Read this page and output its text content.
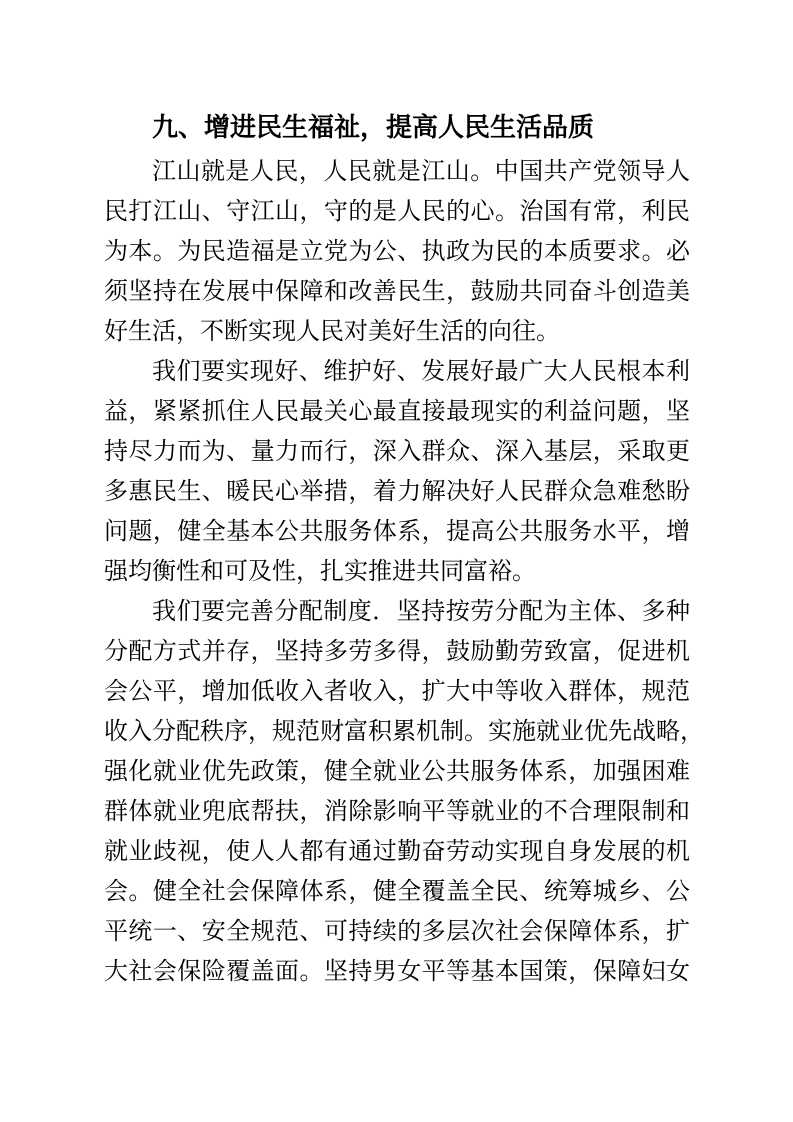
九、增进民生福祉，提高人民生活品质
江山就是人民，人民就是江山。中国共产党领导人
民打江山、守江山，守的是人民的心。治国有常，利民
为本。为民造福是立党为公、执政为民的本质要求。必
须坚持在发展中保障和改善民生，鼓励共同奋斗创造美
好生活，不断实现人民对美好生活的向往。
我们要实现好、维护好、发展好最广大人民根本利
益，紧紧抓住人民最关心最直接最现实的利益问题，坚
持尽力而为、量力而行，深入群众、深入基层，采取更
多惠民生、暖民心举措，着力解决好人民群众急难愁盼
问题，健全基本公共服务体系，提高公共服务水平，增
强均衡性和可及性，扎实推进共同富裕。
我们要完善分配制度．坚持按劳分配为主体、多种
分配方式并存，坚持多劳多得，鼓励勤劳致富，促进机
会公平，增加低收入者收入，扩大中等收入群体，规范
收入分配秩序，规范财富积累机制。实施就业优先战略，
强化就业优先政策，健全就业公共服务体系，加强困难
群体就业兜底帮扶，消除影响平等就业的不合理限制和
就业歧视，使人人都有通过勤奋劳动实现自身发展的机
会。健全社会保障体系，健全覆盖全民、统筹城乡、公
平统一、安全规范、可持续的多层次社会保障体系，扩
大社会保险覆盖面。坚持男女平等基本国策，保障妇女
